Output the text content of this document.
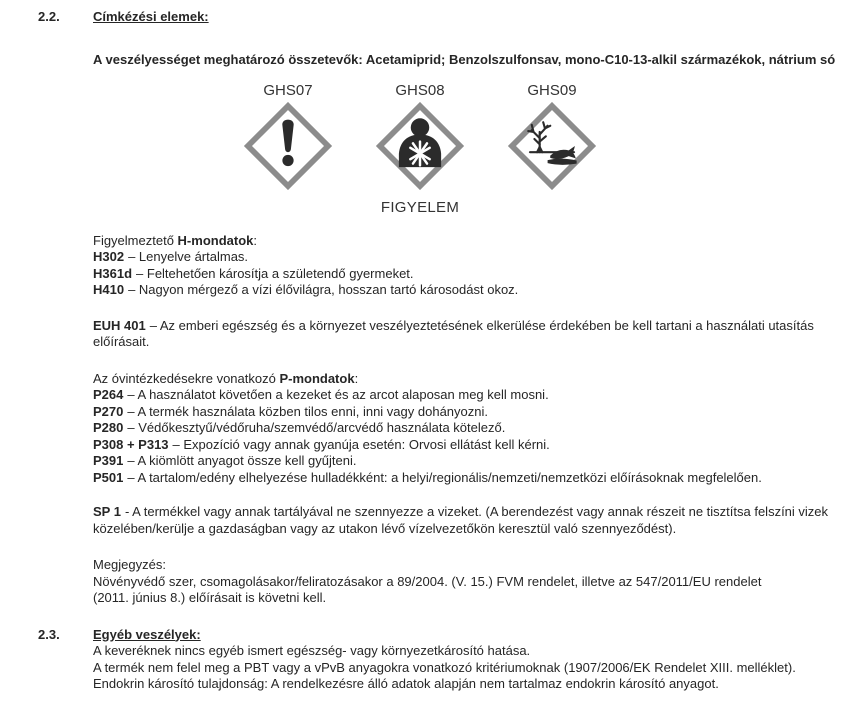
2.2.	Címkézési elemek:

A veszélyességet meghatározó összetevők: Acetamiprid; Benzolszulfonsav, mono-C10-13-alkil származékok, nátrium só

GHS07	GHS08
FIGYELEM
GHS09
Figyelmeztető H-mondatok:
H302 – Lenyelve ártalmas.
H361d – Feltehetően károsítja a születendő gyermeket.
H410 – Nagyon mérgező a vízi élővilágra, hosszan tartó károsodást okoz.

EUH 401 – Az emberi egészség és a környezet veszélyeztetésének elkerülése érdekében be kell tartani a használati utasítás előírásait.

Az óvintézkedésekre vonatkozó P-mondatok:
P264 – A használatot követően a kezeket és az arcot alaposan meg kell mosni.
P270 – A termék használata közben tilos enni, inni vagy dohányozni.
P280 – Védőkesztyű/védőruha/szemvédő/arcvédő használata kötelező.
P308 + P313 – Expozíció vagy annak gyanúja esetén: Orvosi ellátást kell kérni.
P391 – A kiömlött anyagot össze kell gyűjteni.
P501 – A tartalom/edény elhelyezése hulladékként: a helyi/regionális/nemzeti/nemzetközi előírásoknak megfelelően.

SP 1 - A termékkel vagy annak tartályával ne szennyezze a vizeket. (A berendezést vagy annak részeit ne tisztítsa felszíni vizek közelében/kerülje a gazdaságban vagy az utakon lévő vízelvezetőkön keresztül való szennyeződést).

Megjegyzés:
Növényvédő szer, csomagolásakor/feliratozásakor a 89/2004. (V. 15.) FVM rendelet, illetve az 547/2011/EU rendelet (2011. június 8.) előírásait is követni kell.
2.3.	Egyéb veszélyek:
A keveréknek nincs egyéb ismert egészség- vagy környezetkárosító hatása.
A termék nem felel meg a PBT vagy a vPvB anyagokra vonatkozó kritériumoknak (1907/2006/EK Rendelet XIII. melléklet).
Endokrin károsító tulajdonság: A rendelkezésre álló adatok alapján nem tartalmaz endokrin károsító anyagot.
